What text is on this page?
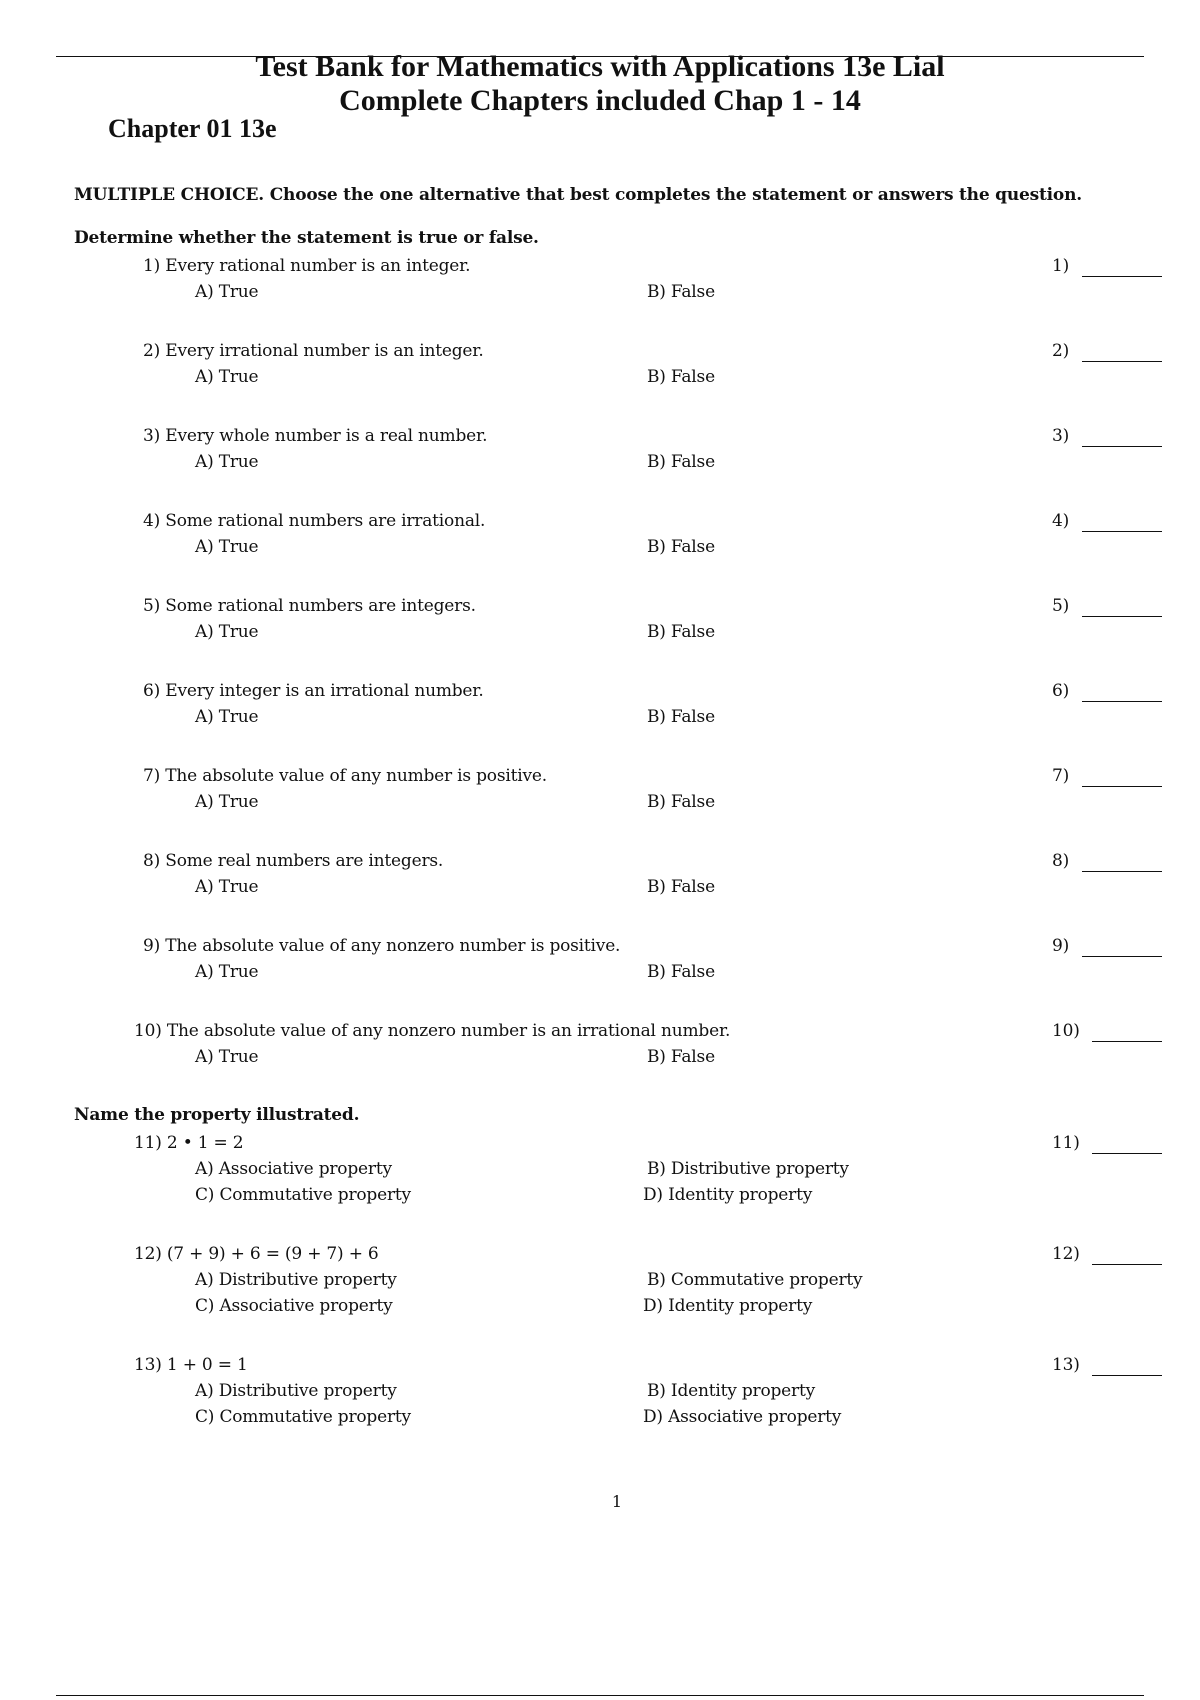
Test Bank for Mathematics with Applications 13e Lial
Complete Chapters included Chap 1 - 14
Chapter 01 13e
MULTIPLE CHOICE. Choose the one alternative that best completes the statement or answers the question.
Determine whether the statement is true or false.
1) Every rational number is an integer.	1)
A) True	B) False
2) Every irrational number is an integer.	2)
A) True	B) False
3) Every whole number is a real number.	3)
A) True	B) False
4) Some rational numbers are irrational.	4)
A) True	B) False
5) Some rational numbers are integers.	5)
A) True	B) False
6) Every integer is an irrational number.	6)
A) True	B) False
7) The absolute value of any number is positive.	7)
A) True	B) False
8) Some real numbers are integers.	8)
A) True	B) False
9) The absolute value of any nonzero number is positive.	9)
A) True	B) False
10) The absolute value of any nonzero number is an irrational number.	10)
A) True	B) False
Name the property illustrated.
11) 2 • 1 = 2	11)
A) Associative property	B) Distributive property
C) Commutative property	D) Identity property
12) (7 + 9) + 6 = (9 + 7) + 6	12)
A) Distributive property	B) Commutative property
C) Associative property	D) Identity property
13) 1 + 0 = 1	13)
A) Distributive property	B) Identity property
C) Commutative property	D) Associative property
1
